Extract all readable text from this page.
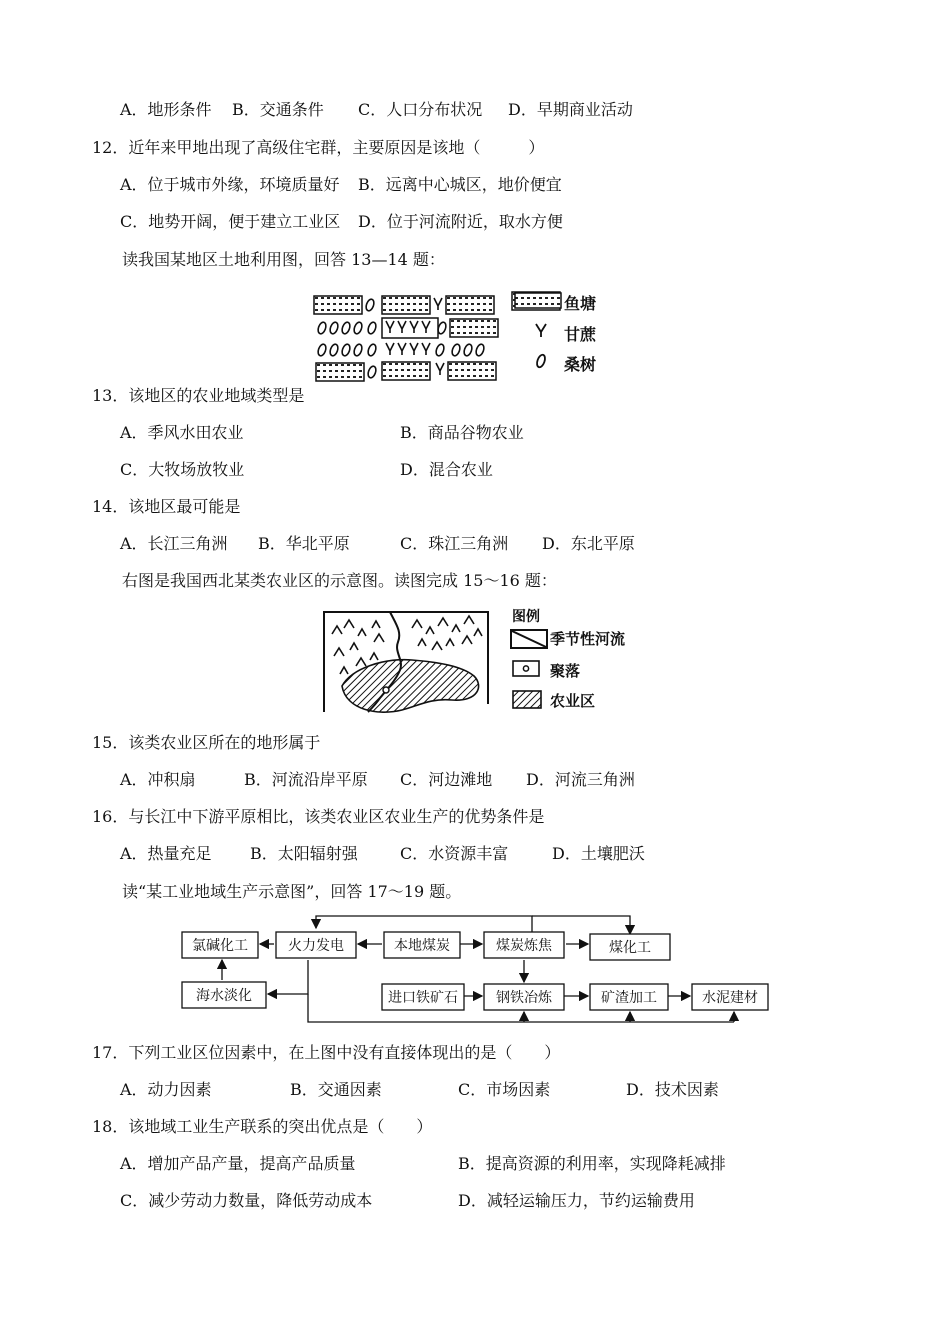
A．地形条件 B．交通条件 C．人口分布状况 D．早期商业活动
12．近年来甲地出现了高级住宅群，主要原因是该地（　　　）
A．位于城市外缘，环境质量好 B．远离中心城区，地价便宜
C．地势开阔，便于建立工业区 D．位于河流附近，取水方便
读我国某地区土地利用图，回答 13—14 题：
鱼塘
甘蔗
桑树
13．该地区的农业地域类型是
A．季风水田农业	B．商品谷物农业
C．大牧场放牧业	D．混合农业
14．该地区最可能是
A．长江三角洲 B．华北平原	C．珠江三角洲 D．东北平原
右图是我国西北某类农业区的示意图。读图完成 15～16 题：
图例
季节性河流
聚落
农业区
15．该类农业区所在的地形属于
A．冲积扇	B．河流沿岸平原 C．河边滩地 D．河流三角洲
16．与长江中下游平原相比，该类农业区农业生产的优势条件是
A．热量充足 B．太阳辐射强	C．水资源丰富	D．土壤肥沃
读“某工业地域生产示意图”，回答 17～19 题。
氯碱化工	火力发电	本地煤炭	煤炭炼焦	煤化工
海水淡化	进口铁矿石	钢铁冶炼	矿渣加工	水泥建材
17．下列工业区位因素中，在上图中没有直接体现出的是（　　）
A．动力因素	B．交通因素	C．市场因素	D．技术因素
18．该地域工业生产联系的突出优点是（　　）
A．增加产品产量，提高产品质量	B．提高资源的利用率，实现降耗减排
C．减少劳动力数量，降低劳动成本	D．减轻运输压力，节约运输费用
